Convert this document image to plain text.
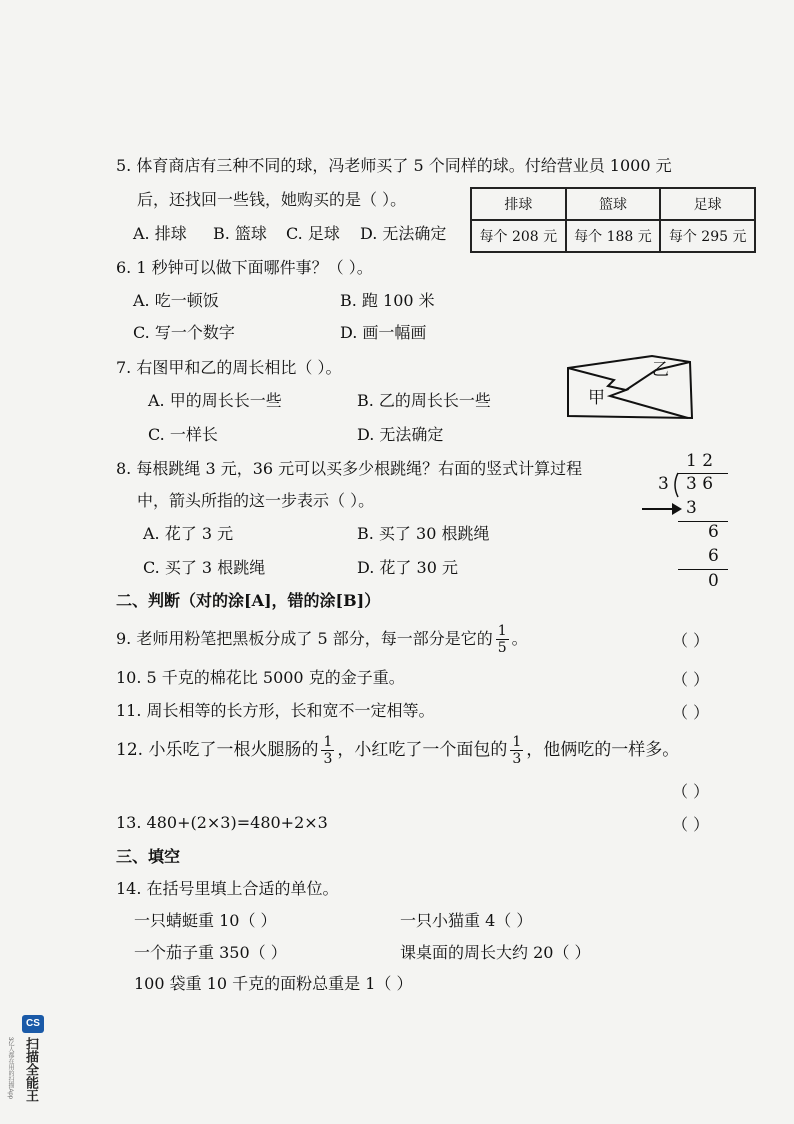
5. 体育商店有三种不同的球，冯老师买了 5 个同样的球。付给营业员 1000 元
后，还找回一些钱，她购买的是（ ）。
A. 排球 B. 篮球 C. 足球 D. 无法确定
排球	篮球	足球
每个 208 元	每个 188 元	每个 295 元
6. 1 秒钟可以做下面哪件事？（ ）。
A. 吃一顿饭	B. 跑 100 米
C. 写一个数字	D. 画一幅画
7. 右图甲和乙的周长相比（ ）。
A. 甲的周长长一些	B. 乙的周长长一些
C. 一样长	D. 无法确定
甲
乙
8. 每根跳绳 3 元，36 元可以买多少根跳绳？右面的竖式计算过程
中，箭头所指的这一步表示（ ）。
A. 花了 3 元	B. 买了 30 根跳绳
C. 买了 3 根跳绳	D. 花了 30 元
1 2
3 3 6
3
6
6
0
二、判断（对的涂[A]，错的涂[B]）
9. 老师用粉笔把黑板分成了 5 部分，每一部分是它的 $\frac{1}{5}$ 。	（ ）
10. 5 千克的棉花比 5000 克的金子重。	（ ）
11. 周长相等的长方形，长和宽不一定相等。	（ ）
12. 小乐吃了一根火腿肠的 $\frac{1}{3}$ ，小红吃了一个面包的 $\frac{1}{3}$ ，他俩吃的一样多。
（ ）
13. 480+(2×3)=480+2×3	（ ）
三、填空
14. 在括号里填上合适的单位。
一只蜻蜓重 10（ ）	一只小猫重 4（ ）
一个茄子重 350（ ）	课桌面的周长大约 20（ ）
100 袋重 10 千克的面粉总重是 1（ ）
CS
扫描全能王
3亿人都在用的扫描App
